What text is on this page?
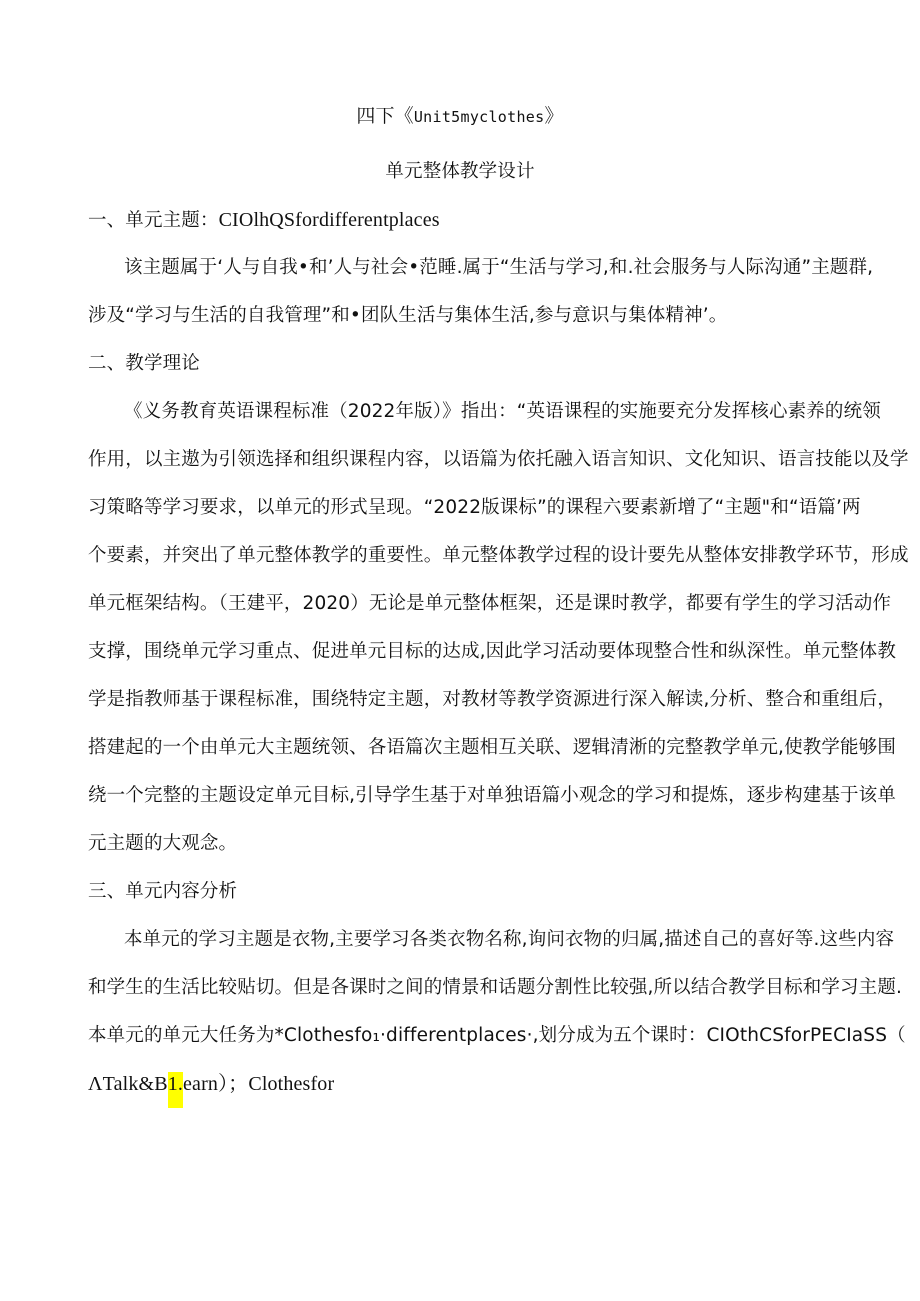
四下《Unit5myclothes》
单元整体教学设计
一、单元主题：CIOlhQSfordifferentplaces
该主题属于‘人与自我•和’人与社会•范睡.属于“生活与学习,和.社会服务与人际沟通”主题群,
涉及“学习与生活的自我管理”和•团队生活与集体生活,参与意识与集体精神’。
二、教学理论
《义务教育英语课程标准（2022年版）》指出：“英语课程的实施要充分发挥核心素养的统领
作用，以主遨为引领选择和组织课程内容，以语篇为依托融入语言知识、文化知识、语言技能以及学
习策略等学习要求，以单元的形式呈现。“2022版课标”的课程六要素新增了“主题"和“语篇’两
个要素，并突出了单元整体教学的重要性。单元整体教学过程的设计要先从整体安排教学环节，形成
单元框架结构。（王建平，2020）无论是单元整体框架，还是课时教学，都要有学生的学习活动作
支撑，围绕单元学习重点、促进单元目标的达成,因此学习活动要体现整合性和纵深性。单元整体教
学是指教师基于课程标准，围绕特定主题，对教材等教学资源进行深入解读,分析、整合和重组后，
搭建起的一个由单元大主题统领、各语篇次主题相互关联、逻辑清淅的完整教学单元,使教学能够围
绕一个完整的主题设定单元目标,引导学生基于对单独语篇小观念的学习和提炼，逐步构建基于该单
元主题的大观念。
三、单元内容分析
本单元的学习主题是衣物,主要学习各类衣物名称,询问衣物的归属,描述自己的喜好等.这些内容
和学生的生活比较贴切。但是各课时之间的情景和话题分割性比较强,所以结合教学目标和学习主题.
本单元的单元大任务为*Clothesfo₁·differentplaces·,划分成为五个课时：CIOthCSforPECIaSS（
ΛTalk&B1.earn）；Clothesfor
